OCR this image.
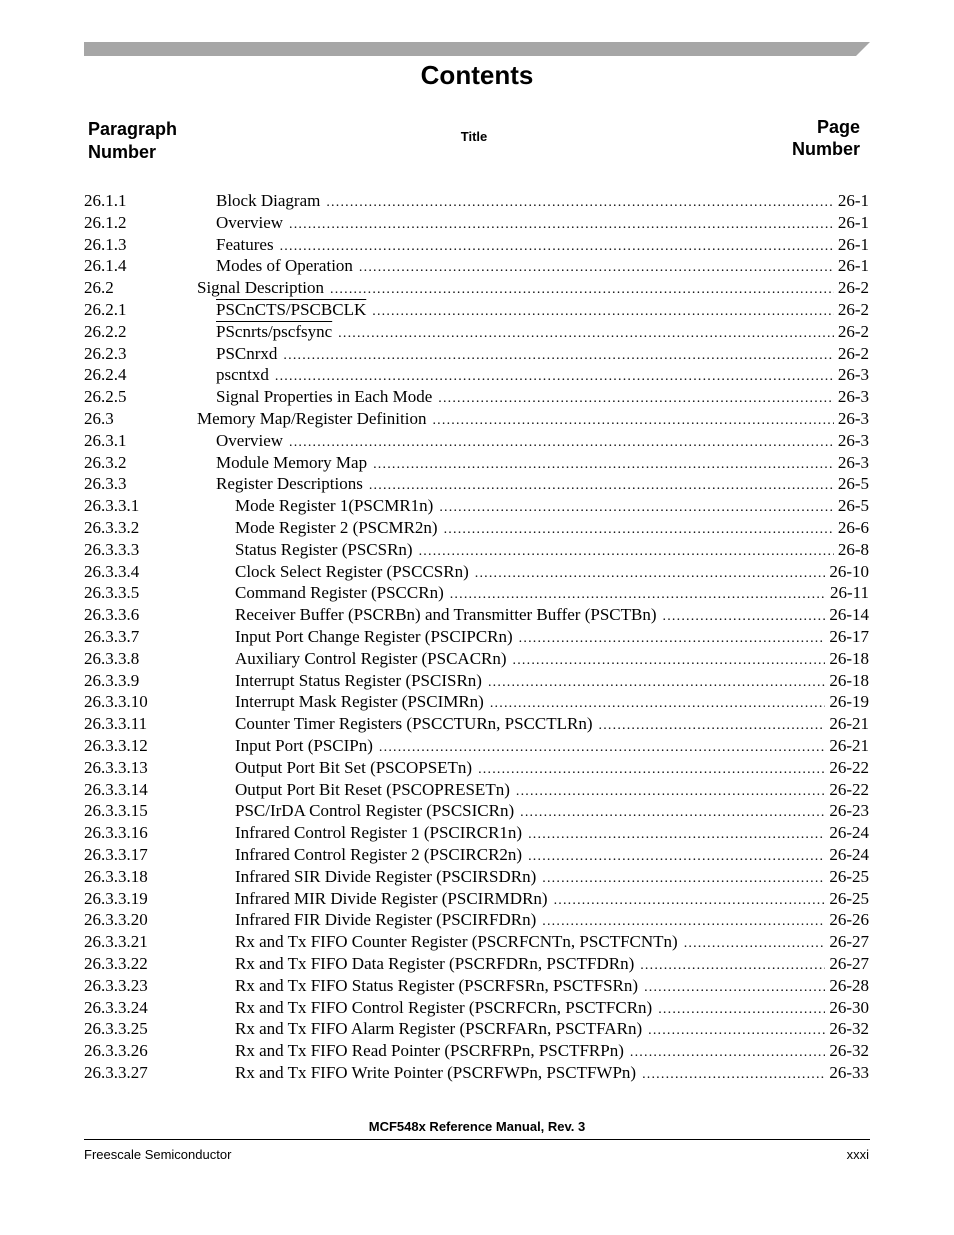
Contents
Paragraph
Number
Title	Page
Number
26.1.1	Block Diagram .....	26-1
26.1.2	Overview .....	26-1
26.1.3	Features .....	26-1
26.1.4	Modes of Operation .....	26-1
26.2	Signal Description .....	26-2
26.2.1	PSCnCTS/PSCBCLK .....	26-2
26.2.2	PScnrts/pscfsync .....	26-2
26.2.3	PSCnrxd .....	26-2
26.2.4	pscntxd .....	26-3
26.2.5	Signal Properties in Each Mode .....	26-3
26.3	Memory Map/Register Definition .....	26-3
26.3.1	Overview .....	26-3
26.3.2	Module Memory Map .....	26-3
26.3.3	Register Descriptions .....	26-5
26.3.3.1	Mode Register 1(PSCMR1n) .....	26-5
26.3.3.2	Mode Register 2 (PSCMR2n) .....	26-6
26.3.3.3	Status Register (PSCSRn) .....	26-8
26.3.3.4	Clock Select Register (PSCCSRn) .....	26-10
26.3.3.5	Command Register (PSCCRn) .....	26-11
26.3.3.6	Receiver Buffer (PSCRBn) and Transmitter Buffer (PSCTBn) .....	26-14
26.3.3.7	Input Port Change Register (PSCIPCRn) .....	26-17
26.3.3.8	Auxiliary Control Register (PSCACRn) .....	26-18
26.3.3.9	Interrupt Status Register (PSCISRn) .....	26-18
26.3.3.10	Interrupt Mask Register (PSCIMRn) .....	26-19
26.3.3.11	Counter Timer Registers (PSCCTURn, PSCCTLRn) .....	26-21
26.3.3.12	Input Port (PSCIPn) .....	26-21
26.3.3.13	Output Port Bit Set (PSCOPSETn) .....	26-22
26.3.3.14	Output Port Bit Reset (PSCOPRESETn) .....	26-22
26.3.3.15	PSC/IrDA Control Register (PSCSICRn) .....	26-23
26.3.3.16	Infrared Control Register 1 (PSCIRCR1n) .....	26-24
26.3.3.17	Infrared Control Register 2 (PSCIRCR2n) .....	26-24
26.3.3.18	Infrared SIR Divide Register (PSCIRSDRn) .....	26-25
26.3.3.19	Infrared MIR Divide Register (PSCIRMDRn) .....	26-25
26.3.3.20	Infrared FIR Divide Register (PSCIRFDRn) .....	26-26
26.3.3.21	Rx and Tx FIFO Counter Register (PSCRFCNTn, PSCTFCNTn) .....	26-27
26.3.3.22	Rx and Tx FIFO Data Register (PSCRFDRn, PSCTFDRn) .....	26-27
26.3.3.23	Rx and Tx FIFO Status Register (PSCRFSRn, PSCTFSRn) .....	26-28
26.3.3.24	Rx and Tx FIFO Control Register (PSCRFCRn, PSCTFCRn) .....	26-30
26.3.3.25	Rx and Tx FIFO Alarm Register (PSCRFARn, PSCTFARn) .....	26-32
26.3.3.26	Rx and Tx FIFO Read Pointer (PSCRFRPn, PSCTFRPn) .....	26-32
26.3.3.27	Rx and Tx FIFO Write Pointer (PSCRFWPn, PSCTFWPn) .....	26-33
MCF548x Reference Manual, Rev. 3
Freescale Semiconductor	xxxi
